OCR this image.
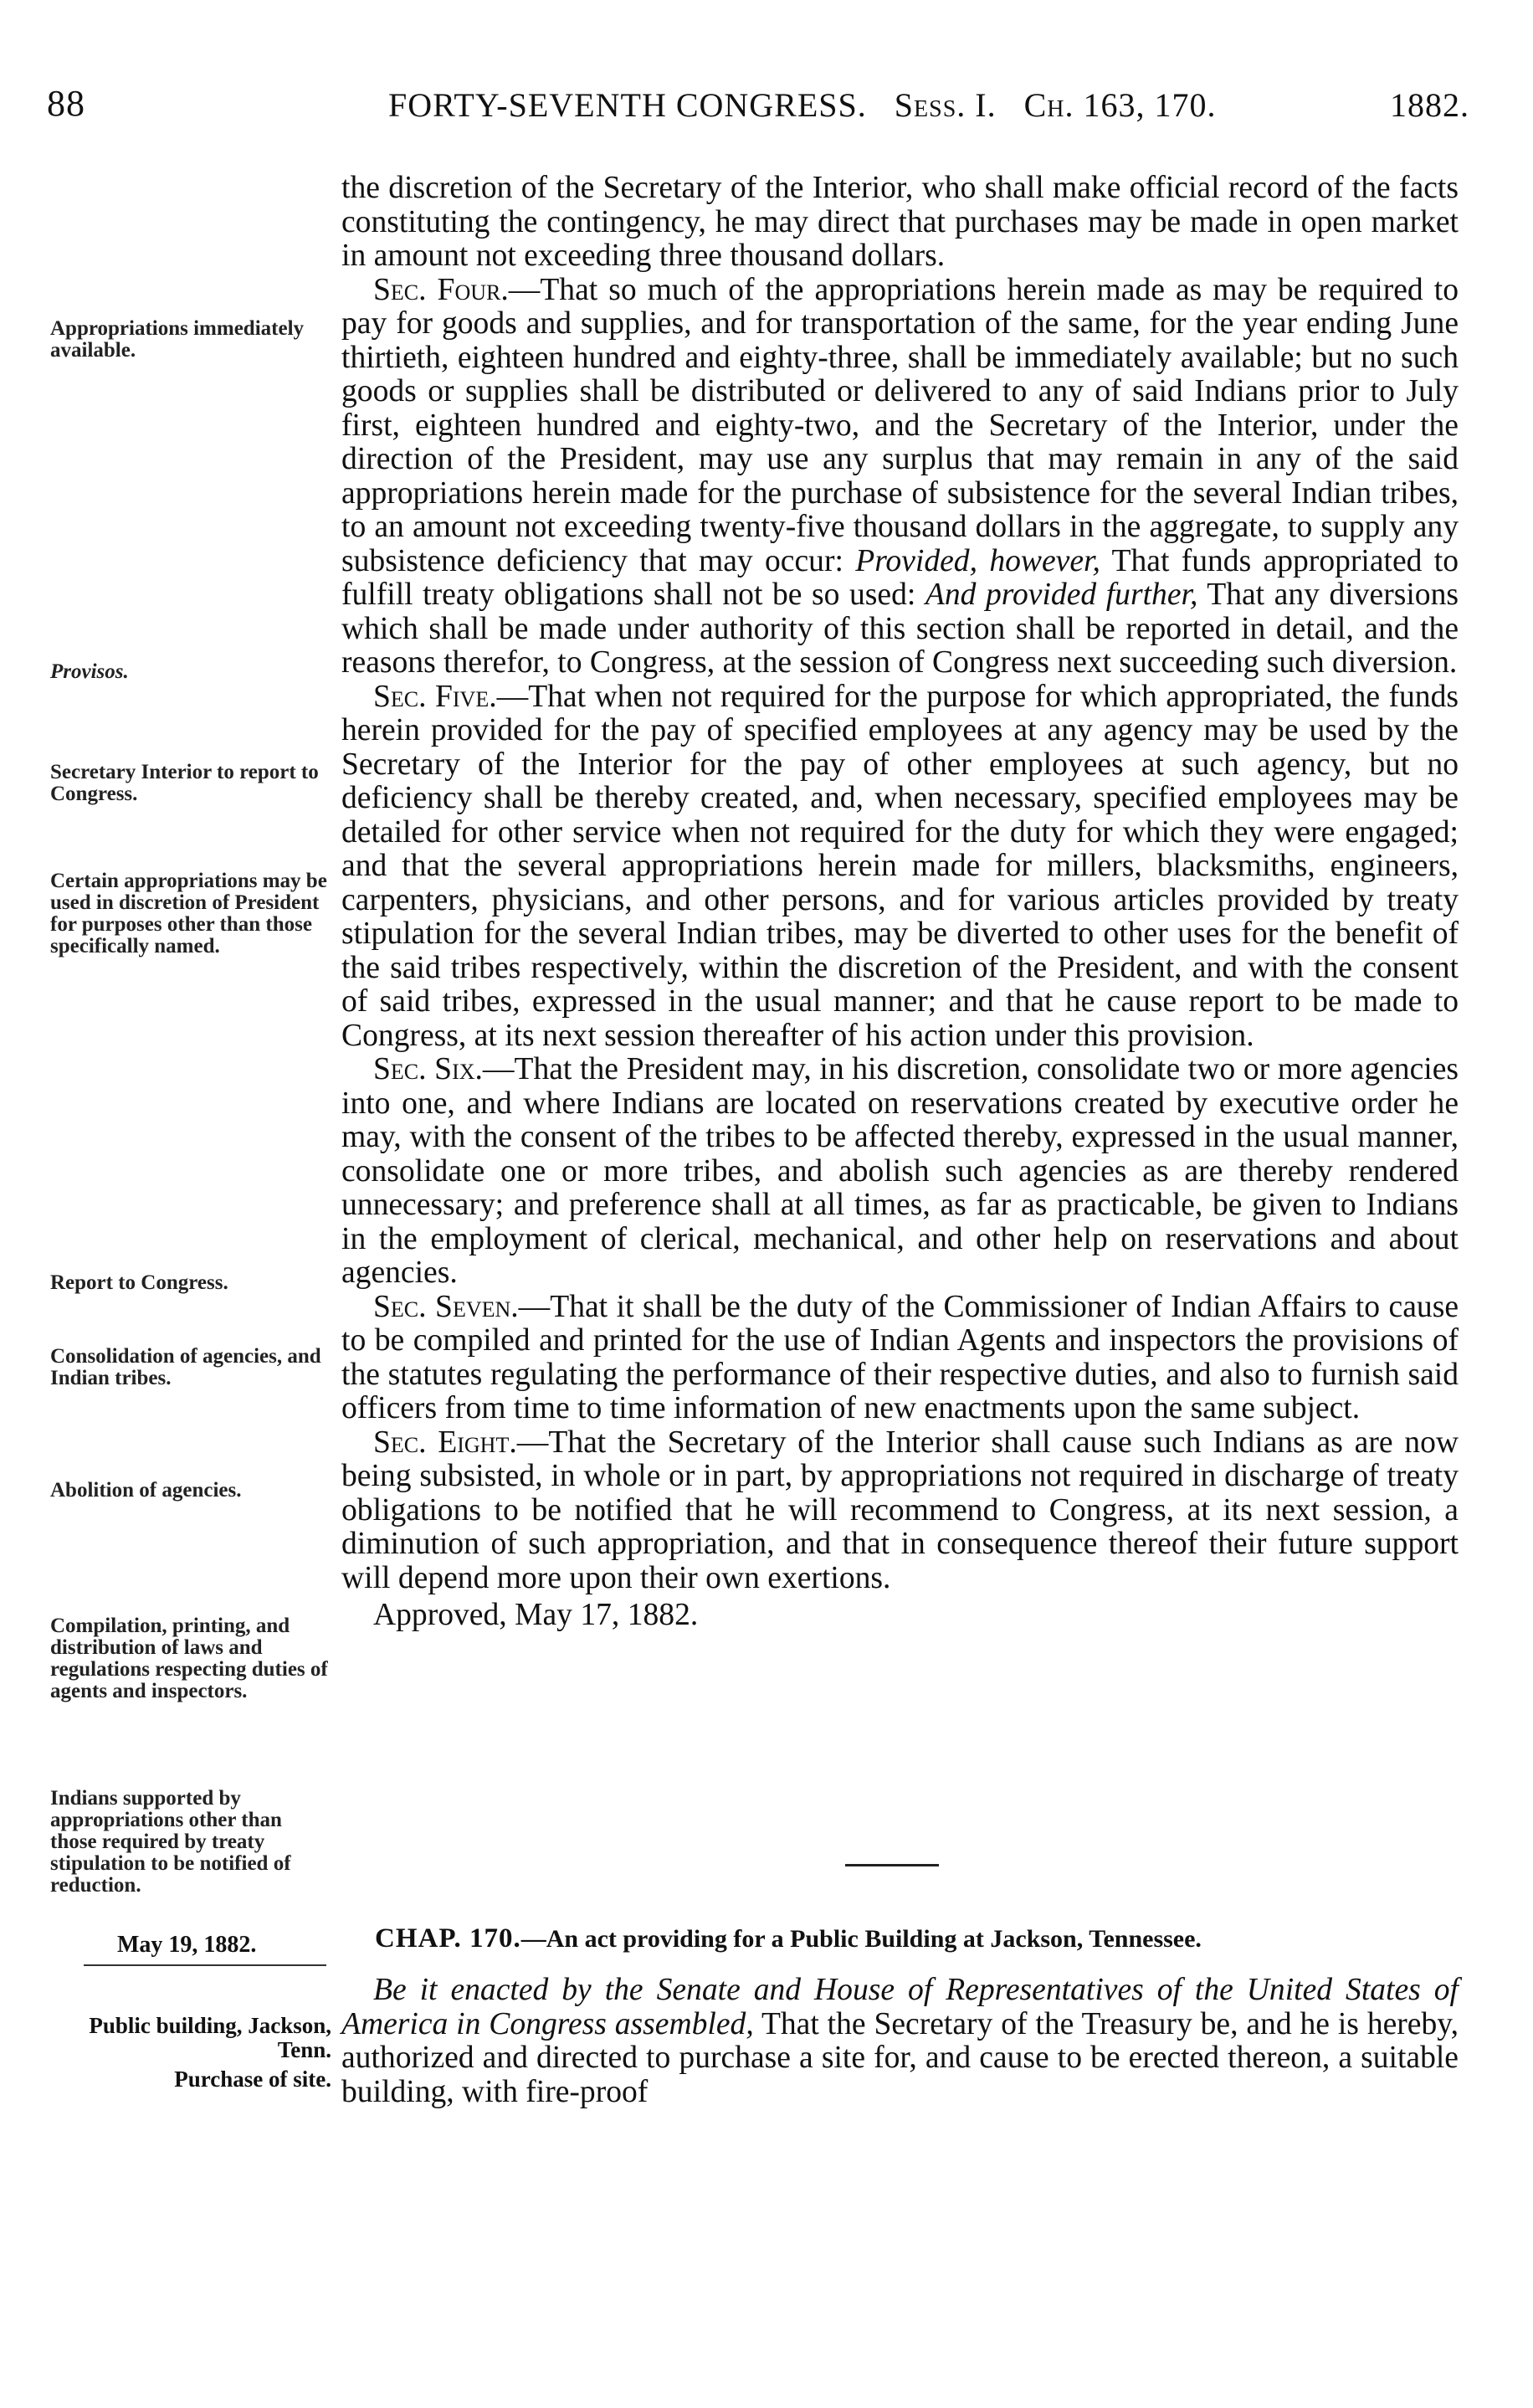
88	FORTY-SEVENTH CONGRESS. Sess. I. Ch. 163, 170.	1882.

the discretion of the Secretary of the Interior, who shall make official record of the facts constituting the contingency, he may direct that purchases may be made in open market in amount not exceeding three thousand dollars.

Sec. Four.—That so much of the appropriations herein made as may be required to pay for goods and supplies, and for transportation of the same, for the year ending June thirtieth, eighteen hundred and eighty-three, shall be immediately available; but no such goods or supplies shall be distributed or delivered to any of said Indians prior to July first, eighteen hundred and eighty-two, and the Secretary of the Interior, under the direction of the President, may use any surplus that may remain in any of the said appropriations herein made for the purchase of subsistence for the several Indian tribes, to an amount not exceeding twenty-five thousand dollars in the aggregate, to supply any subsistence deficiency that may occur: Provided, however, That funds appropriated to fulfill treaty obligations shall not be so used: And provided further, That any diversions which shall be made under authority of this section shall be reported in detail, and the reasons therefor, to Congress, at the session of Congress next succeeding such diversion.

Sec. Five.—That when not required for the purpose for which appropriated, the funds herein provided for the pay of specified employees at any agency may be used by the Secretary of the Interior for the pay of other employees at such agency, but no deficiency shall be thereby created, and, when necessary, specified employees may be detailed for other service when not required for the duty for which they were engaged; and that the several appropriations herein made for millers, blacksmiths, engineers, carpenters, physicians, and other persons, and for various articles provided by treaty stipulation for the several Indian tribes, may be diverted to other uses for the benefit of the said tribes respectively, within the discretion of the President, and with the consent of said tribes, expressed in the usual manner; and that he cause report to be made to Congress, at its next session thereafter of his action under this provision.

Sec. Six.—That the President may, in his discretion, consolidate two or more agencies into one, and where Indians are located on reservations created by executive order he may, with the consent of the tribes to be affected thereby, expressed in the usual manner, consolidate one or more tribes, and abolish such agencies as are thereby rendered unnecessary; and preference shall at all times, as far as practicable, be given to Indians in the employment of clerical, mechanical, and other help on reservations and about agencies.

Sec. Seven.—That it shall be the duty of the Commissioner of Indian Affairs to cause to be compiled and printed for the use of Indian Agents and inspectors the provisions of the statutes regulating the performance of their respective duties, and also to furnish said officers from time to time information of new enactments upon the same subject.

Sec. Eight.—That the Secretary of the Interior shall cause such Indians as are now being subsisted, in whole or in part, by appropriations not required in discharge of treaty obligations to be notified that he will recommend to Congress, at its next session, a diminution of such appropriation, and that in consequence thereof their future support will depend more upon their own exertions.

Approved, May 17, 1882.

Appropriations immediately available.
Provisos.
Secretary Interior to report to Congress.
Certain appropriations may be used in discretion of President for purposes other than those specifically named.
Report to Congress.
Consolidation of agencies, and Indian tribes.
Abolition of agencies.
Compilation, printing, and distribution of laws and regulations respecting duties of agents and inspectors.
Indians supported by appropriations other than those required by treaty stipulation to be notified of reduction.
May 19, 1882.	CHAP. 170.—An act providing for a Public Building at Jackson, Tennessee.

Be it enacted by the Senate and House of Representatives of the United States of America in Congress assembled, That the Secretary of the Treasury be, and he is hereby, authorized and directed to purchase a site for, and cause to be erected thereon, a suitable building, with fire-proof

Public building, Jackson, Tenn.
Purchase of site.
